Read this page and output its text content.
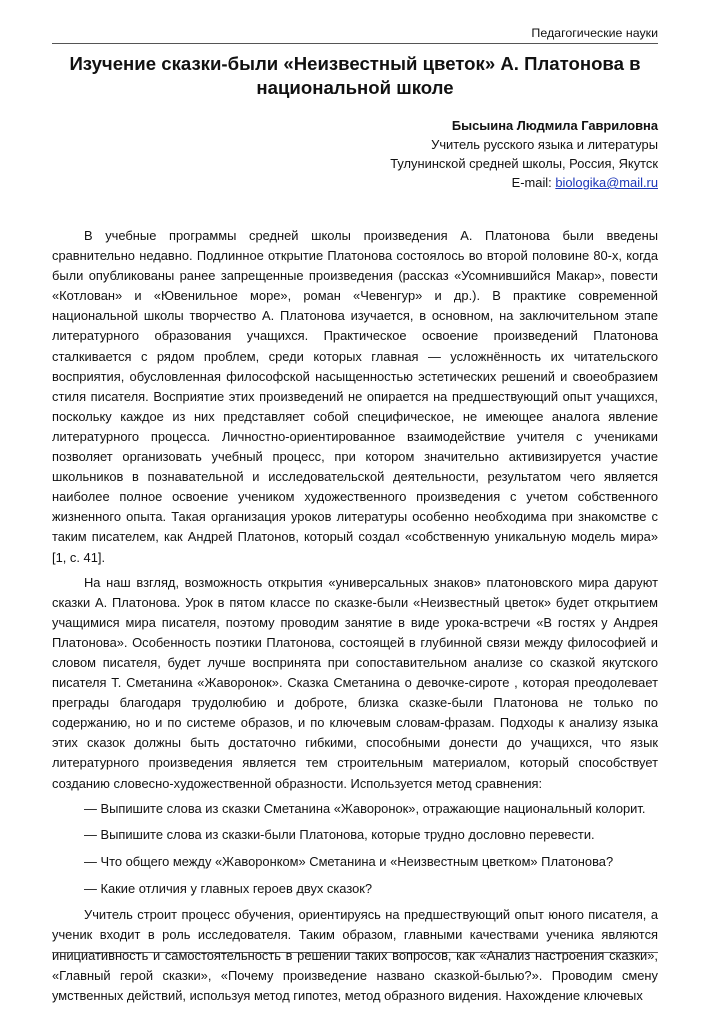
Педагогические науки
Изучение сказки-были «Неизвестный цветок» А. Платонова в национальной школе
Бысыина Людмила Гавриловна
Учитель русского языка и литературы
Тулунинской средней школы, Россия, Якутск
E-mail: biologika@mail.ru

В учебные программы средней школы произведения А. Платонова были введены сравнительно недавно. Подлинное открытие Платонова состоялось во второй половине 80-х, когда были опубликованы ранее запрещенные произведения (рассказ «Усомнившийся Макар», повести «Котлован» и «Ювенильное море», роман «Чевенгур» и др.). В практике современной национальной школы творчество А. Платонова изучается, в основном, на заключительном этапе литературного образования учащихся. Практическое освоение произведений Платонова сталкивается с рядом проблем, среди которых главная — усложнённость их читательского восприятия, обусловленная философской насыщенностью эстетических решений и своеобразием стиля писателя. Восприятие этих произведений не опирается на предшествующий опыт учащихся, поскольку каждое из них представляет собой специфическое, не имеющее аналога явление литературного процесса. Личностно-ориентированное взаимодействие учителя с учениками позволяет организовать учебный процесс, при котором значительно активизируется участие школьников в познавательной и исследовательской деятельности, результатом чего является наиболее полное освоение учеником художественного произведения с учетом собственного жизненного опыта. Такая организация уроков литературы особенно необходима при знакомстве с таким писателем, как Андрей Платонов, который создал «собственную уникальную модель мира» [1, с. 41].

На наш взгляд, возможность открытия «универсальных знаков» платоновского мира даруют сказки А. Платонова. Урок в пятом классе по сказке-были «Неизвестный цветок» будет открытием учащимися мира писателя, поэтому проводим занятие в виде урока-встречи «В гостях у Андрея Платонова». Особенность поэтики Платонова, состоящей в глубинной связи между философией и словом писателя, будет лучше воспринята при сопоставительном анализе со сказкой якутского писателя Т. Сметанина «Жаворонок». Сказка Сметанина о девочке-сироте , которая преодолевает преграды благодаря трудолюбию и доброте, близка сказке-были Платонова не только по содержанию, но и по системе образов, и по ключевым словам-фразам. Подходы к анализу языка этих сказок должны быть достаточно гибкими, способными донести до учащихся, что язык литературного произведения является тем строительным материалом, который способствует созданию словесно-художественной образности. Используется метод сравнения:

— Выпишите слова из сказки Сметанина «Жаворонок», отражающие национальный колорит.
— Выпишите слова из сказки-были Платонова, которые трудно дословно перевести.
— Что общего между «Жаворонком» Сметанина и «Неизвестным цветком» Платонова?
— Какие отличия у главных героев двух сказок?

Учитель строит процесс обучения, ориентируясь на предшествующий опыт юного писателя, а ученик входит в роль исследователя. Таким образом, главными качествами ученика являются инициативность и самостоятельность в решении таких вопросов, как «Анализ настроения сказки», «Главный герой сказки», «Почему произведение названо сказкой-былью?». Проводим смену умственных действий, используя метод гипотез, метод образного видения. Нахождение ключевых
